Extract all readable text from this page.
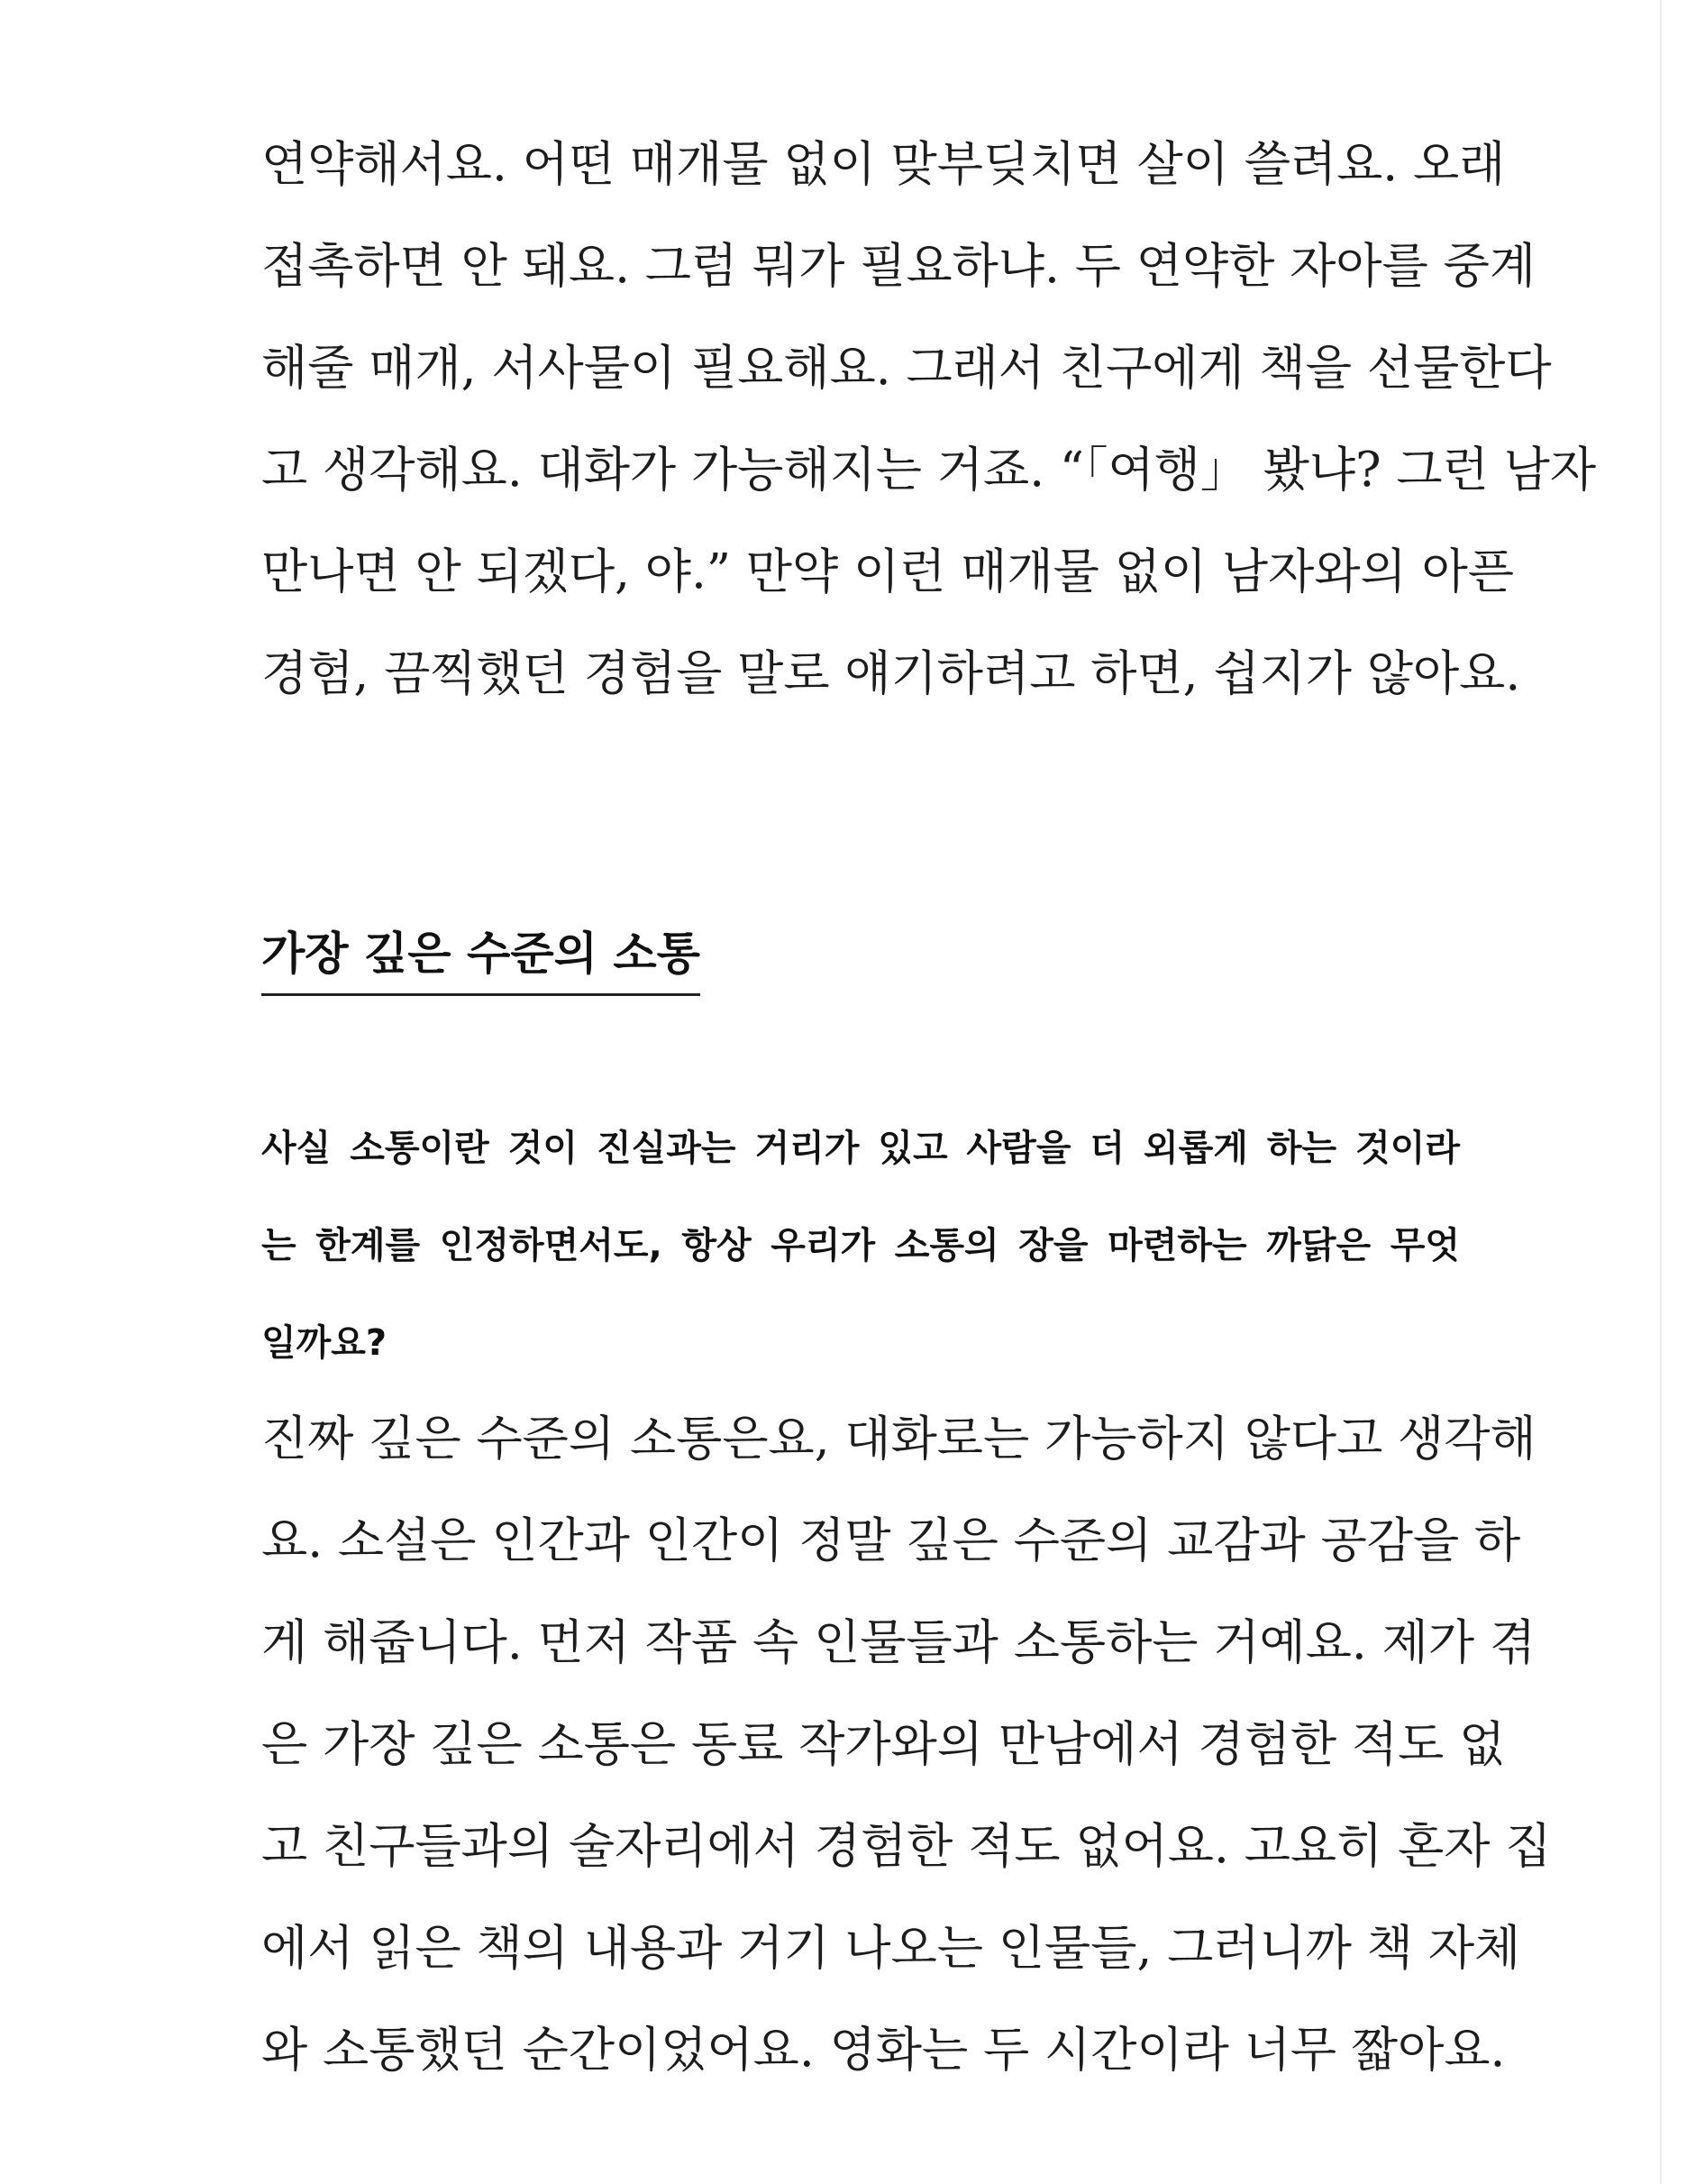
연약해서요. 어떤 매개물 없이 맞부딪치면 살이 쓸려요. 오래
접촉하면 안 돼요. 그럼 뭐가 필요하냐. 두 연약한 자아를 중계
해줄 매개, 서사물이 필요해요. 그래서 친구에게 책을 선물한다
고 생각해요. 대화가 가능해지는 거죠. “「여행」 봤냐? 그런 남자
만나면 안 되겠다, 야.” 만약 이런 매개물 없이 남자와의 아픈
경험, 끔찍했던 경험을 말로 얘기하려고 하면, 쉽지가 않아요.
가장 깊은 수준의 소통
사실 소통이란 것이 진실과는 거리가 있고 사람을 더 외롭게 하는 것이라
는 한계를 인정하면서도, 항상 우리가 소통의 장을 마련하는 까닭은 무엇
일까요?
진짜 깊은 수준의 소통은요, 대화로는 가능하지 않다고 생각해
요. 소설은 인간과 인간이 정말 깊은 수준의 교감과 공감을 하
게 해줍니다. 먼저 작품 속 인물들과 소통하는 거예요. 제가 겪
은 가장 깊은 소통은 동료 작가와의 만남에서 경험한 적도 없
고 친구들과의 술자리에서 경험한 적도 없어요. 고요히 혼자 집
에서 읽은 책의 내용과 거기 나오는 인물들, 그러니까 책 자체
와 소통했던 순간이었어요. 영화는 두 시간이라 너무 짧아요.
